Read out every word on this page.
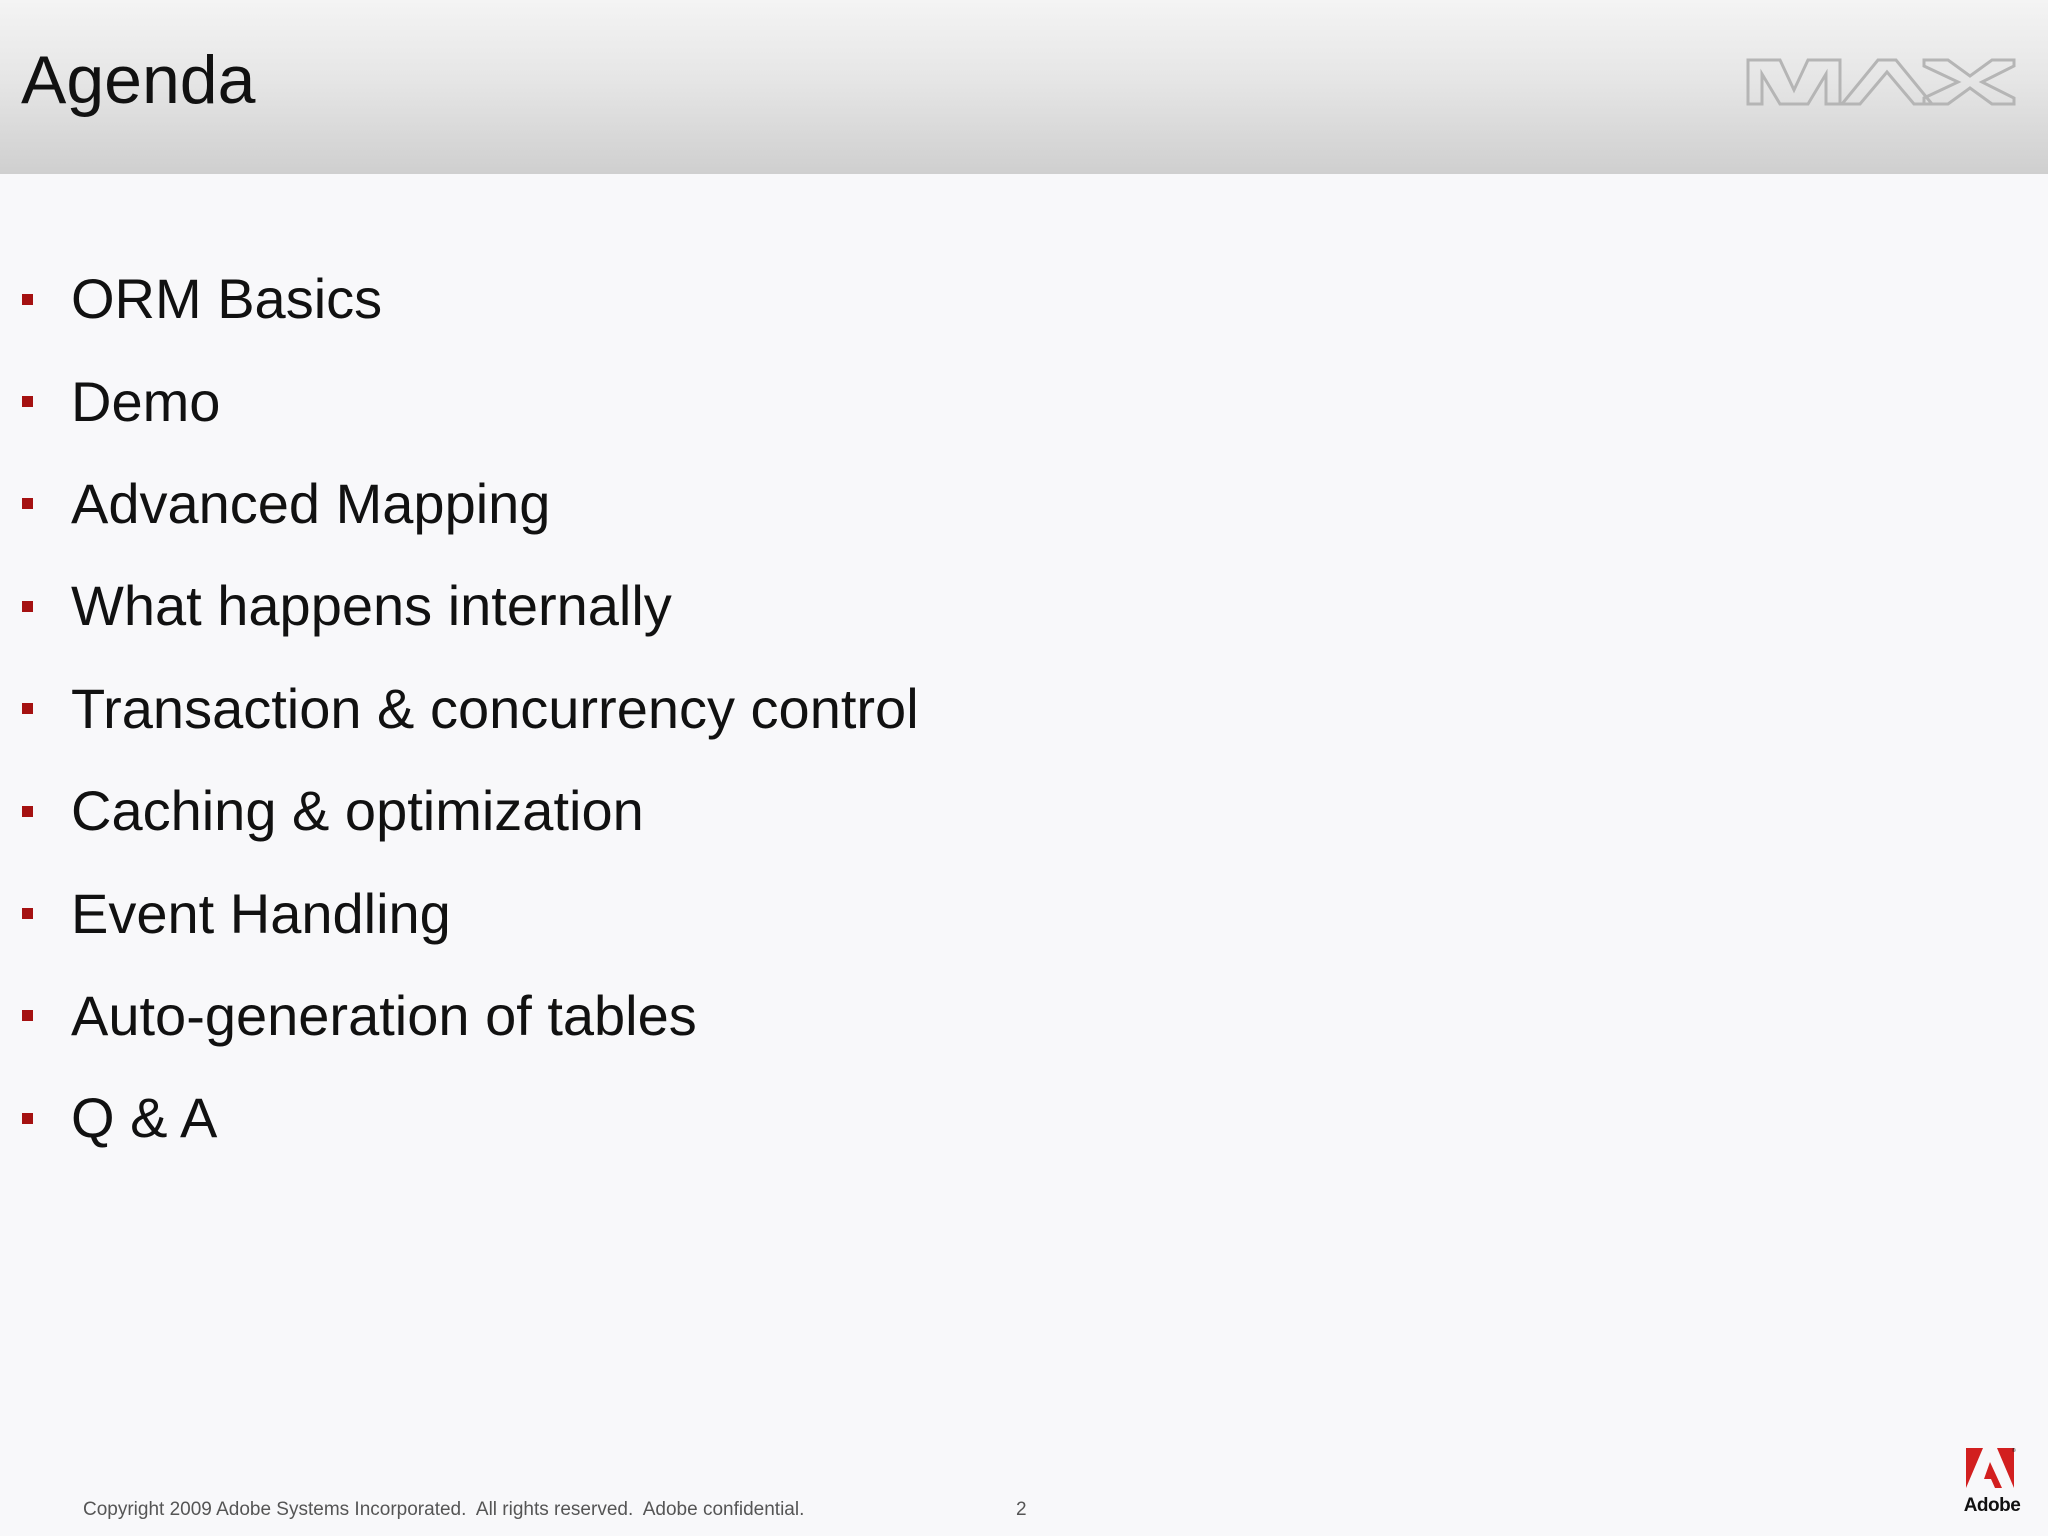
Agenda
ORM Basics
Demo
Advanced Mapping
What happens internally
Transaction & concurrency control
Caching & optimization
Event Handling
Auto-generation of tables
Q & A
Copyright 2009 Adobe Systems Incorporated.  All rights reserved.  Adobe confidential.	2
®
Adobe
